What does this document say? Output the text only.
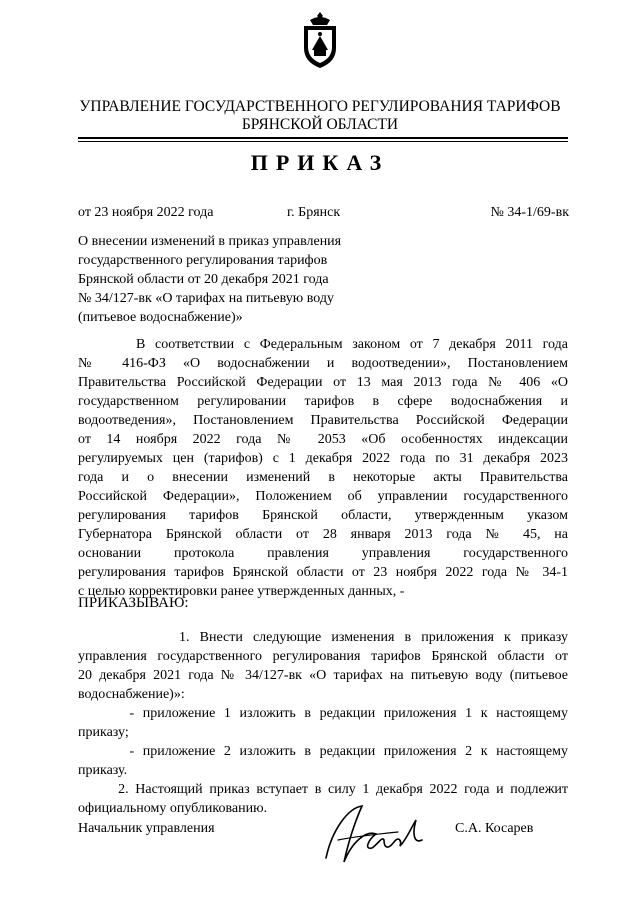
УПРАВЛЕНИЕ ГОСУДАРСТВЕННОГО РЕГУЛИРОВАНИЯ ТАРИФОВ
БРЯНСКОЙ ОБЛАСТИ
ПРИКАЗ
от 23 ноября 2022 года	г. Брянск	№ 34-1/69-вк
О внесении изменений в приказ управления
государственного регулирования тарифов
Брянской области от 20 декабря 2021 года
№ 34/127-вк «О тарифах на питьевую воду
(питьевое водоснабжение)»
В соответствии с Федеральным законом от 7 декабря 2011 года
№ 416-ФЗ «О водоснабжении и водоотведении», Постановлением
Правительства Российской Федерации от 13 мая 2013 года № 406 «О
государственном регулировании тарифов в сфере водоснабжения и
водоотведения», Постановлением Правительства Российской Федерации
от 14 ноября 2022 года № 2053 «Об особенностях индексации
регулируемых цен (тарифов) с 1 декабря 2022 года по 31 декабря 2023
года и о внесении изменений в некоторые акты Правительства
Российской Федерации», Положением об управлении государственного
регулирования тарифов Брянской области, утвержденным указом
Губернатора Брянской области от 28 января 2013 года № 45, на
основании протокола правления управления государственного
регулирования тарифов Брянской области от 23 ноября 2022 года № 34-1
с целью корректировки ранее утвержденных данных, -
ПРИКАЗЫВАЮ:
1. Внести следующие изменения в приложения к приказу
управления государственного регулирования тарифов Брянской области от
20 декабря 2021 года № 34/127-вк «О тарифах на питьевую воду (питьевое
водоснабжение)»:
- приложение 1 изложить в редакции приложения 1 к настоящему
приказу;
- приложение 2 изложить в редакции приложения 2 к настоящему
приказу.
2. Настоящий приказ вступает в силу 1 декабря 2022 года и подлежит
официальному опубликованию.
Начальник управления	С.А. Косарев
